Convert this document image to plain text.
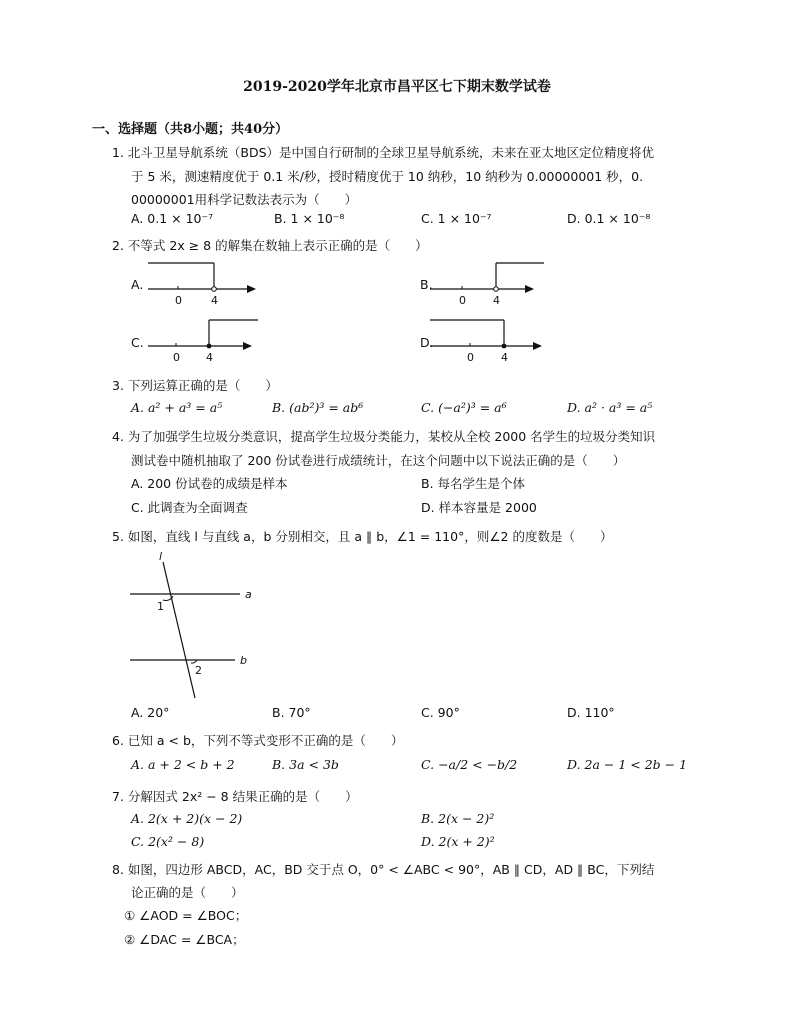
2019-2020学年北京市昌平区七下期末数学试卷
一、选择题（共8小题；共40分）
1. 北斗卫星导航系统（BDS）是中国自行研制的全球卫星导航系统，未来在亚太地区定位精度将优
于 5 米，测速精度优于 0.1 米/秒，授时精度优于 10 纳秒，10 纳秒为 0.00000001 秒，0.
00000001用科学记数法表示为（　　）
A. 0.1 × 10⁻⁷	B. 1 × 10⁻⁸	C. 1 × 10⁻⁷	D. 0.1 × 10⁻⁸
2. 不等式 2x ≥ 8 的解集在数轴上表示正确的是（　　）
A.
0	4
B.
0 4
C.
0 4
D.
0 4
3. 下列运算正确的是（　　）
A. a² + a³ = a⁵	B. (ab²)³ = ab⁶	C. (−a²)³ = a⁶	D. a² · a³ = a⁵
4. 为了加强学生垃圾分类意识，提高学生垃圾分类能力，某校从全校 2000 名学生的垃圾分类知识
测试卷中随机抽取了 200 份试卷进行成绩统计，在这个问题中以下说法正确的是（　　）
A. 200 份试卷的成绩是样本	B. 每名学生是个体
C. 此调查为全面调查	D. 样本容量是 2000
5. 如图，直线 l 与直线 a，b 分别相交，且 a ∥ b，∠1 = 110°，则∠2 的度数是（　　）
l
a
b
1
2
A. 20°	B. 70°	C. 90°	D. 110°
6. 已知 a < b，下列不等式变形不正确的是（　　）
A. a + 2 < b + 2	B. 3a < 3b	C. −a/2 < −b/2	D. 2a − 1 < 2b − 1
7. 分解因式 2x² − 8 结果正确的是（　　）
A. 2(x + 2)(x − 2)	B. 2(x − 2)²
C. 2(x² − 8)	D. 2(x + 2)²
8. 如图，四边形 ABCD，AC，BD 交于点 O，0° < ∠ABC < 90°，AB ∥ CD，AD ∥ BC，下列结
论正确的是（　　）
① ∠AOD = ∠BOC；
② ∠DAC = ∠BCA；
